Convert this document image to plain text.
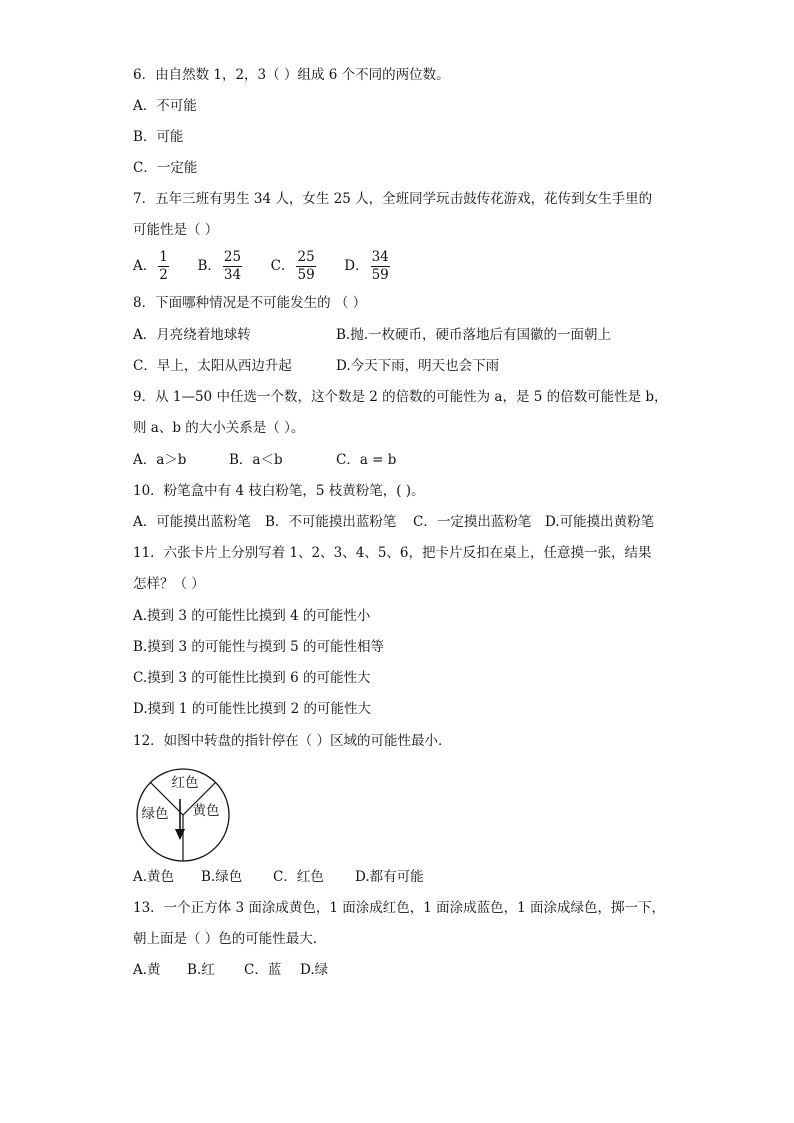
6．由自然数 1，2，3（ ）组成 6 个不同的两位数。
A．不可能
B．可能
C．一定能
7．五年三班有男生 34 人，女生 25 人，全班同学玩击鼓传花游戏，花传到女生手里的
可能性是（ ）
A． $\frac{1}{2}$ B． $\frac{25}{34}$ C． $\frac{25}{59}$ D． $\frac{34}{59}$
8．下面哪种情况是不可能发生的 （ ）
A．月亮绕着地球转	B.抛.一枚硬币，硬币落地后有国徽的一面朝上
C．早上，太阳从西边升起	D.今天下雨，明天也会下雨
9．从 1—50 中任选一个数，这个数是 2 的倍数的可能性为 a，是 5 的倍数可能性是 b，
则 a、b 的大小关系是（ ）。
A．a＞b	B．a＜b	C．a = b
10．粉笔盒中有 4 枝白粉笔，5 枝黄粉笔，( )。
A．可能摸出蓝粉笔 B．不可能摸出蓝粉笔 C．一定摸出蓝粉笔 D.可能摸出黄粉笔
11．六张卡片上分别写着 1、2、3、4、5、6，把卡片反扣在桌上，任意摸一张，结果
怎样？（ ）
A.摸到 3 的可能性比摸到 4 的可能性小
B.摸到 3 的可能性与摸到 5 的可能性相等
C.摸到 3 的可能性比摸到 6 的可能性大
D.摸到 1 的可能性比摸到 2 的可能性大
12．如图中转盘的指针停在（ ）区域的可能性最小．
红色
绿色 黄色
A.黄色 B.绿色 C．红色 D.都有可能
13．一个正方体 3 面涂成黄色，1 面涂成红色，1 面涂成蓝色，1 面涂成绿色，掷一下，
朝上面是（ ）色的可能性最大．
A.黄 B.红 C．蓝 D.绿
